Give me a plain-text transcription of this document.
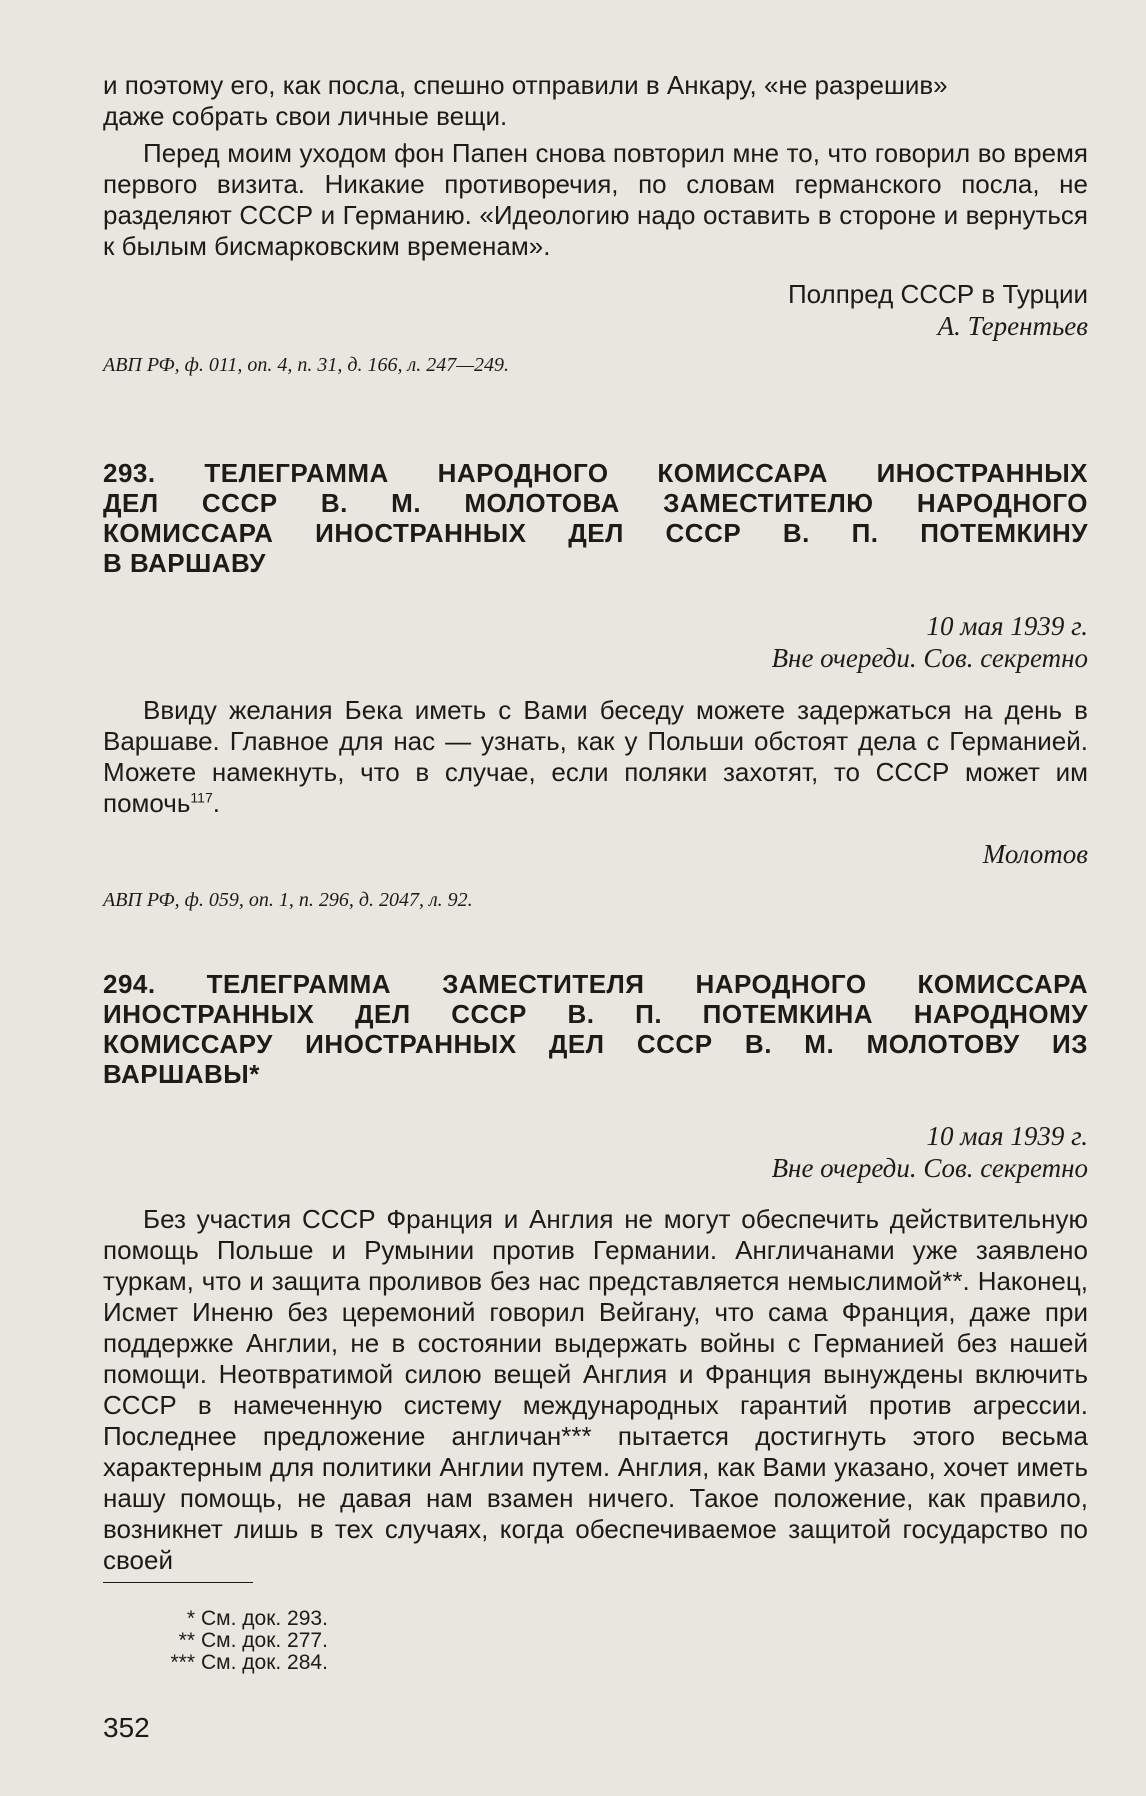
и поэтому его, как посла, спешно отправили в Анкару, «не разрешив»

даже собрать свои личные вещи.

Перед моим уходом фон Папен снова повторил мне то, что говорил во время первого визита. Никакие противоречия, по словам германского посла, не разделяют СССР и Германию. «Идеологию надо оставить в стороне и вернуться к былым бисмарковским временам».

Полпред СССР в Турции

А. Терентьев

АВП РФ, ф. 011, оп. 4, п. 31, д. 166, л. 247—249.

293. ТЕЛЕГРАММА НАРОДНОГО КОМИССАРА ИНОСТРАННЫХ
ДЕЛ СССР В. М. МОЛОТОВА ЗАМЕСТИТЕЛЮ НАРОДНОГО
КОМИССАРА ИНОСТРАННЫХ ДЕЛ СССР В. П. ПОТЕМКИНУ
В ВАРШАВУ

10 мая 1939 г.

Вне очереди. Сов. секретно

Ввиду желания Бека иметь с Вами беседу можете задержаться на день в Варшаве. Главное для нас — узнать, как у Польши обстоят дела с Германией. Можете намекнуть, что в случае, если поляки захотят, то СССР может им помочь$^{117}$.

Молотов

АВП РФ, ф. 059, оп. 1, п. 296, д. 2047, л. 92.

294. ТЕЛЕГРАММА ЗАМЕСТИТЕЛЯ НАРОДНОГО КОМИССАРА
ИНОСТРАННЫХ ДЕЛ СССР В. П. ПОТЕМКИНА НАРОДНОМУ
КОМИССАРУ ИНОСТРАННЫХ ДЕЛ СССР В. М. МОЛОТОВУ ИЗ
ВАРШАВЫ*

10 мая 1939 г.

Вне очереди. Сов. секретно

Без участия СССР Франция и Англия не могут обеспечить действительную помощь Польше и Румынии против Германии. Англичанами уже заявлено туркам, что и защита проливов без нас представляется немыслимой**. Наконец, Исмет Иненю без церемоний говорил Вейгану, что сама Франция, даже при поддержке Англии, не в состоянии выдержать войны с Германией без нашей помощи. Неотвратимой силою вещей Англия и Франция вынуждены включить СССР в намеченную систему международных гарантий против агрессии. Последнее предложение англичан*** пытается достигнуть этого весьма характерным для политики Англии путем. Англия, как Вами указано, хочет иметь нашу помощь, не давая нам взамен ничего. Такое положение, как правило, возникнет лишь в тех случаях, когда обеспечиваемое защитой государство по своей

* См. док. 293.
** См. док. 277.
*** См. док. 284.
352
